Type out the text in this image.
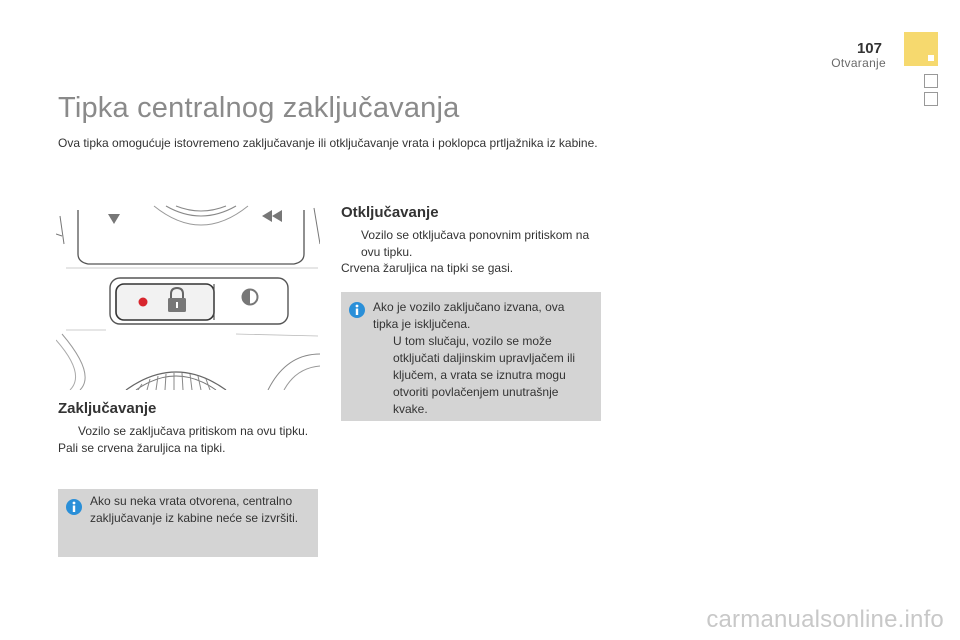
107
Otvaranje
Tipka centralnog zaključavanja
Ova tipka omogućuje istovremeno zaključavanje ili otključavanje vrata i poklopca prtljažnika iz kabine.
Zaključavanje
Vozilo se zaključava pritiskom na ovu tipku.
Pali se crvena žaruljica na tipki.
Ako su neka vrata otvorena, centralno zaključavanje iz kabine neće se izvršiti.
Otključavanje
Vozilo se otključava ponovnim pritiskom na ovu tipku.
Crvena žaruljica na tipki se gasi.
Ako je vozilo zaključano izvana, ova tipka je isključena.
U tom slučaju, vozilo se može otključati daljinskim upravljačem ili ključem, a vrata se iznutra mogu otvoriti povlačenjem unutrašnje kvake.
carmanualsonline.info
